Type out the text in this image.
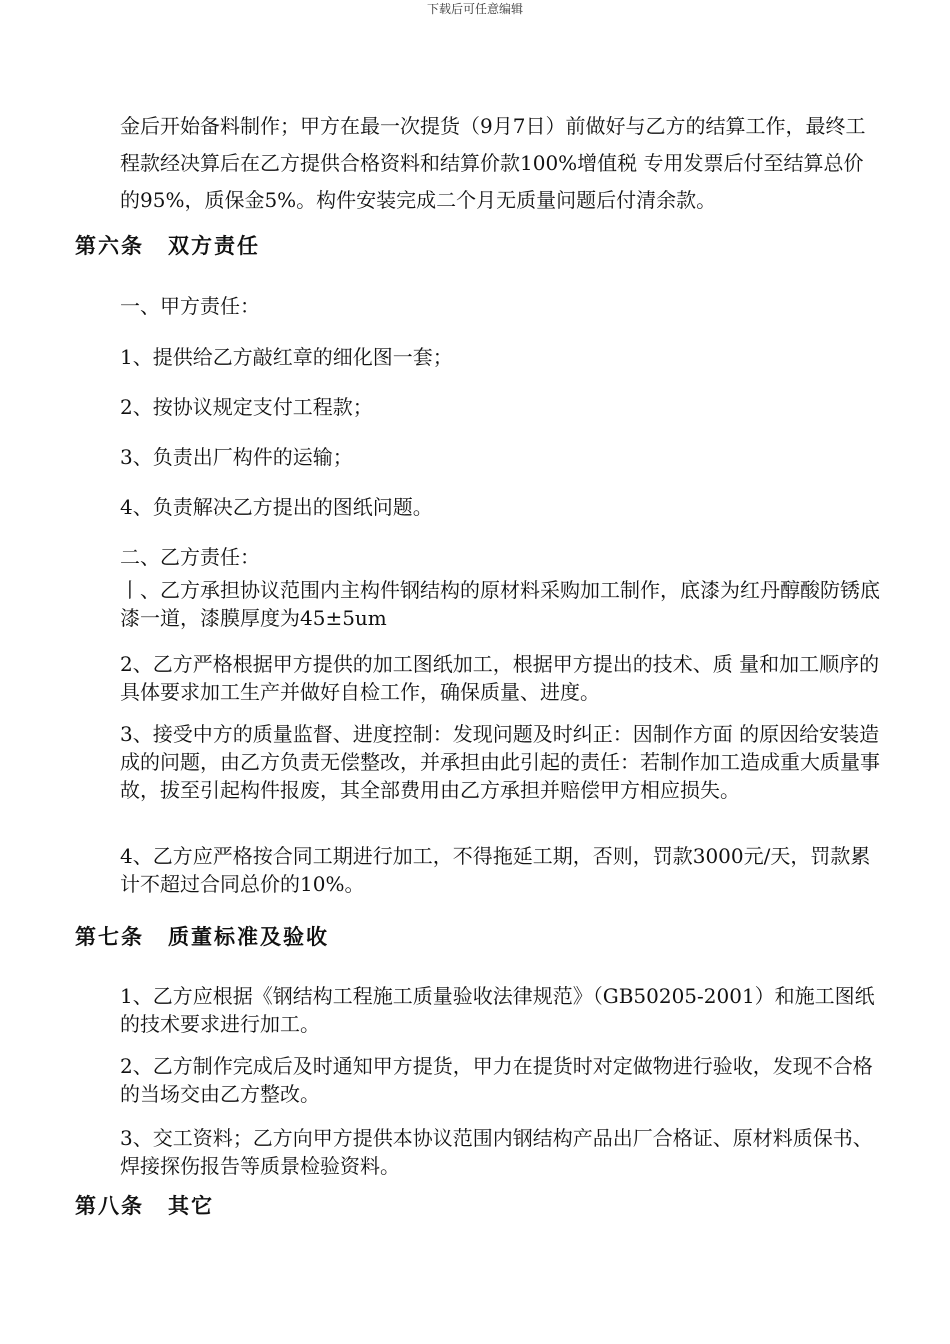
下载后可任意编辑

金后开始备料制作；甲方在最一次提货（9月7日）前做好与乙方的结算工作，最终工程款经决算后在乙方提供合格资料和结算价款100%增值税 专用发票后付至结算总价的95%，质保金5%。构件安装完成二个月无质量问题后付清余款。

第六条 双方责任

一、甲方责任：

1、提供给乙方敲红章的细化图一套；

2、按协议规定支付工程款；

3、负责出厂构件的运输；

4、负责解决乙方提出的图纸问题。

二、乙方责任：

丨、乙方承担协议范围内主构件钢结构的原材料采购加工制作，底漆为红丹醇酸防锈底漆一道，漆膜厚度为45±5um

2、乙方严格根据甲方提供的加工图纸加工，根据甲方提出的技术、质 量和加工顺序的具体要求加工生产并做好自检工作，确保质量、进度。

3、接受中方的质量监督、进度控制：发现问题及时纠正：因制作方面 的原因给安装造成的问题，由乙方负责无偿整改，并承担由此引起的责任：若制作加工造成重大质量事故，拔至引起构件报废，其全部费用由乙方承担并赔偿甲方相应损失。

4、乙方应严格按合同工期进行加工，不得拖延工期，否则，罚款3000元/天，罚款累计不超过合同总价的10%。

第七条 质董标准及验收

1、乙方应根据《钢结构工程施工质量验收法律规范》（GB50205-2001）和施工图纸的技术要求进行加工。

2、乙方制作完成后及时通知甲方提货，甲力在提货时对定做物进行验收，发现不合格的当场交由乙方整改。

3、交工资料；乙方向甲方提供本协议范围内钢结构产品出厂合格证、原材料质保书、焊接探伤报告等质景检验资料。

第八条 其它
